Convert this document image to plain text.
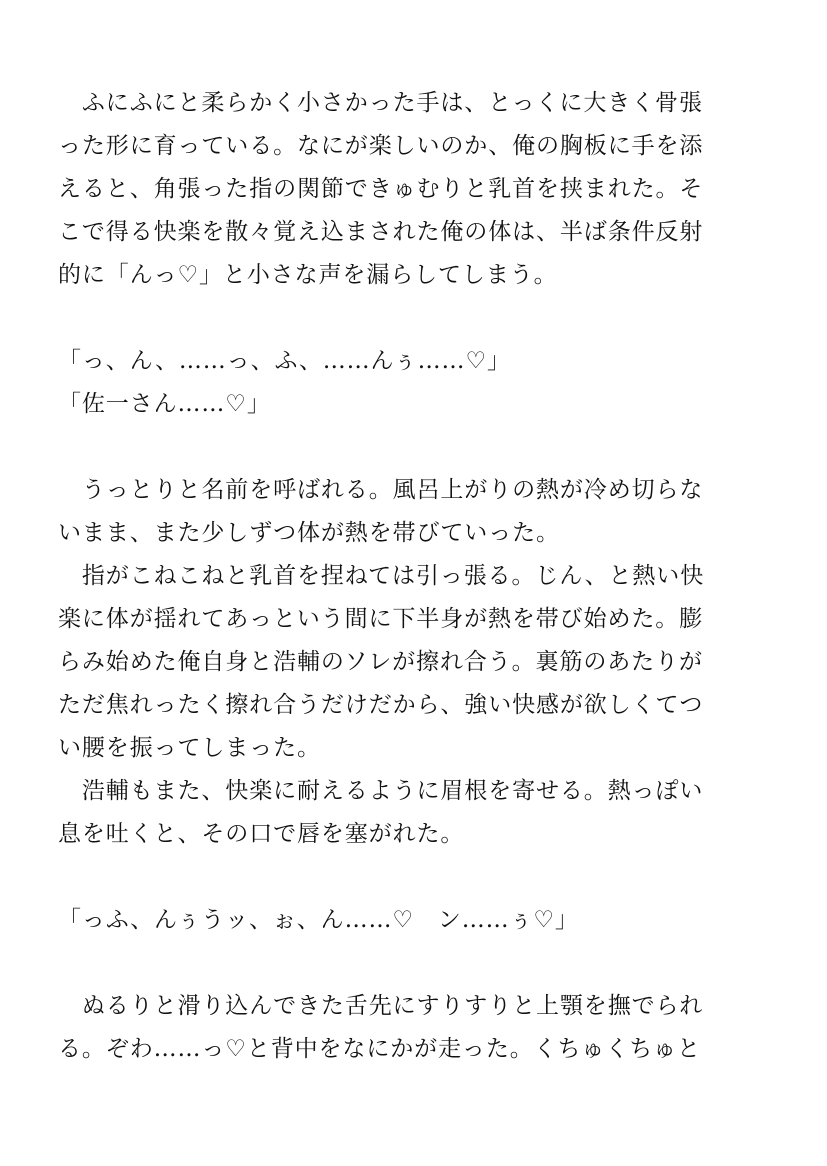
　ふにふにと柔らかく小さかった手は、とっくに大きく骨張
った形に育っている。なにが楽しいのか、俺の胸板に手を添
えると、角張った指の関節できゅむりと乳首を挟まれた。そ
こで得る快楽を散々覚え込まされた俺の体は、半ば条件反射
的に「んっ♡」と小さな声を漏らしてしまう。
「っ、ん、……っ、ふ、……んぅ……♡」
「佐一さん……♡」
　うっとりと名前を呼ばれる。風呂上がりの熱が冷め切らな
いまま、また少しずつ体が熱を帯びていった。
　指がこねこねと乳首を捏ねては引っ張る。じん、と熱い快
楽に体が揺れてあっという間に下半身が熱を帯び始めた。膨
らみ始めた俺自身と浩輔のソレが擦れ合う。裏筋のあたりが
ただ焦れったく擦れ合うだけだから、強い快感が欲しくてつ
い腰を振ってしまった。
　浩輔もまた、快楽に耐えるように眉根を寄せる。熱っぽい
息を吐くと、その口で唇を塞がれた。
「っふ、んぅうッ、ぉ、ん……♡　ン……ぅ♡」
　ぬるりと滑り込んできた舌先にすりすりと上顎を撫でられ
る。ぞわ……っ♡と背中をなにかが走った。くちゅくちゅと
